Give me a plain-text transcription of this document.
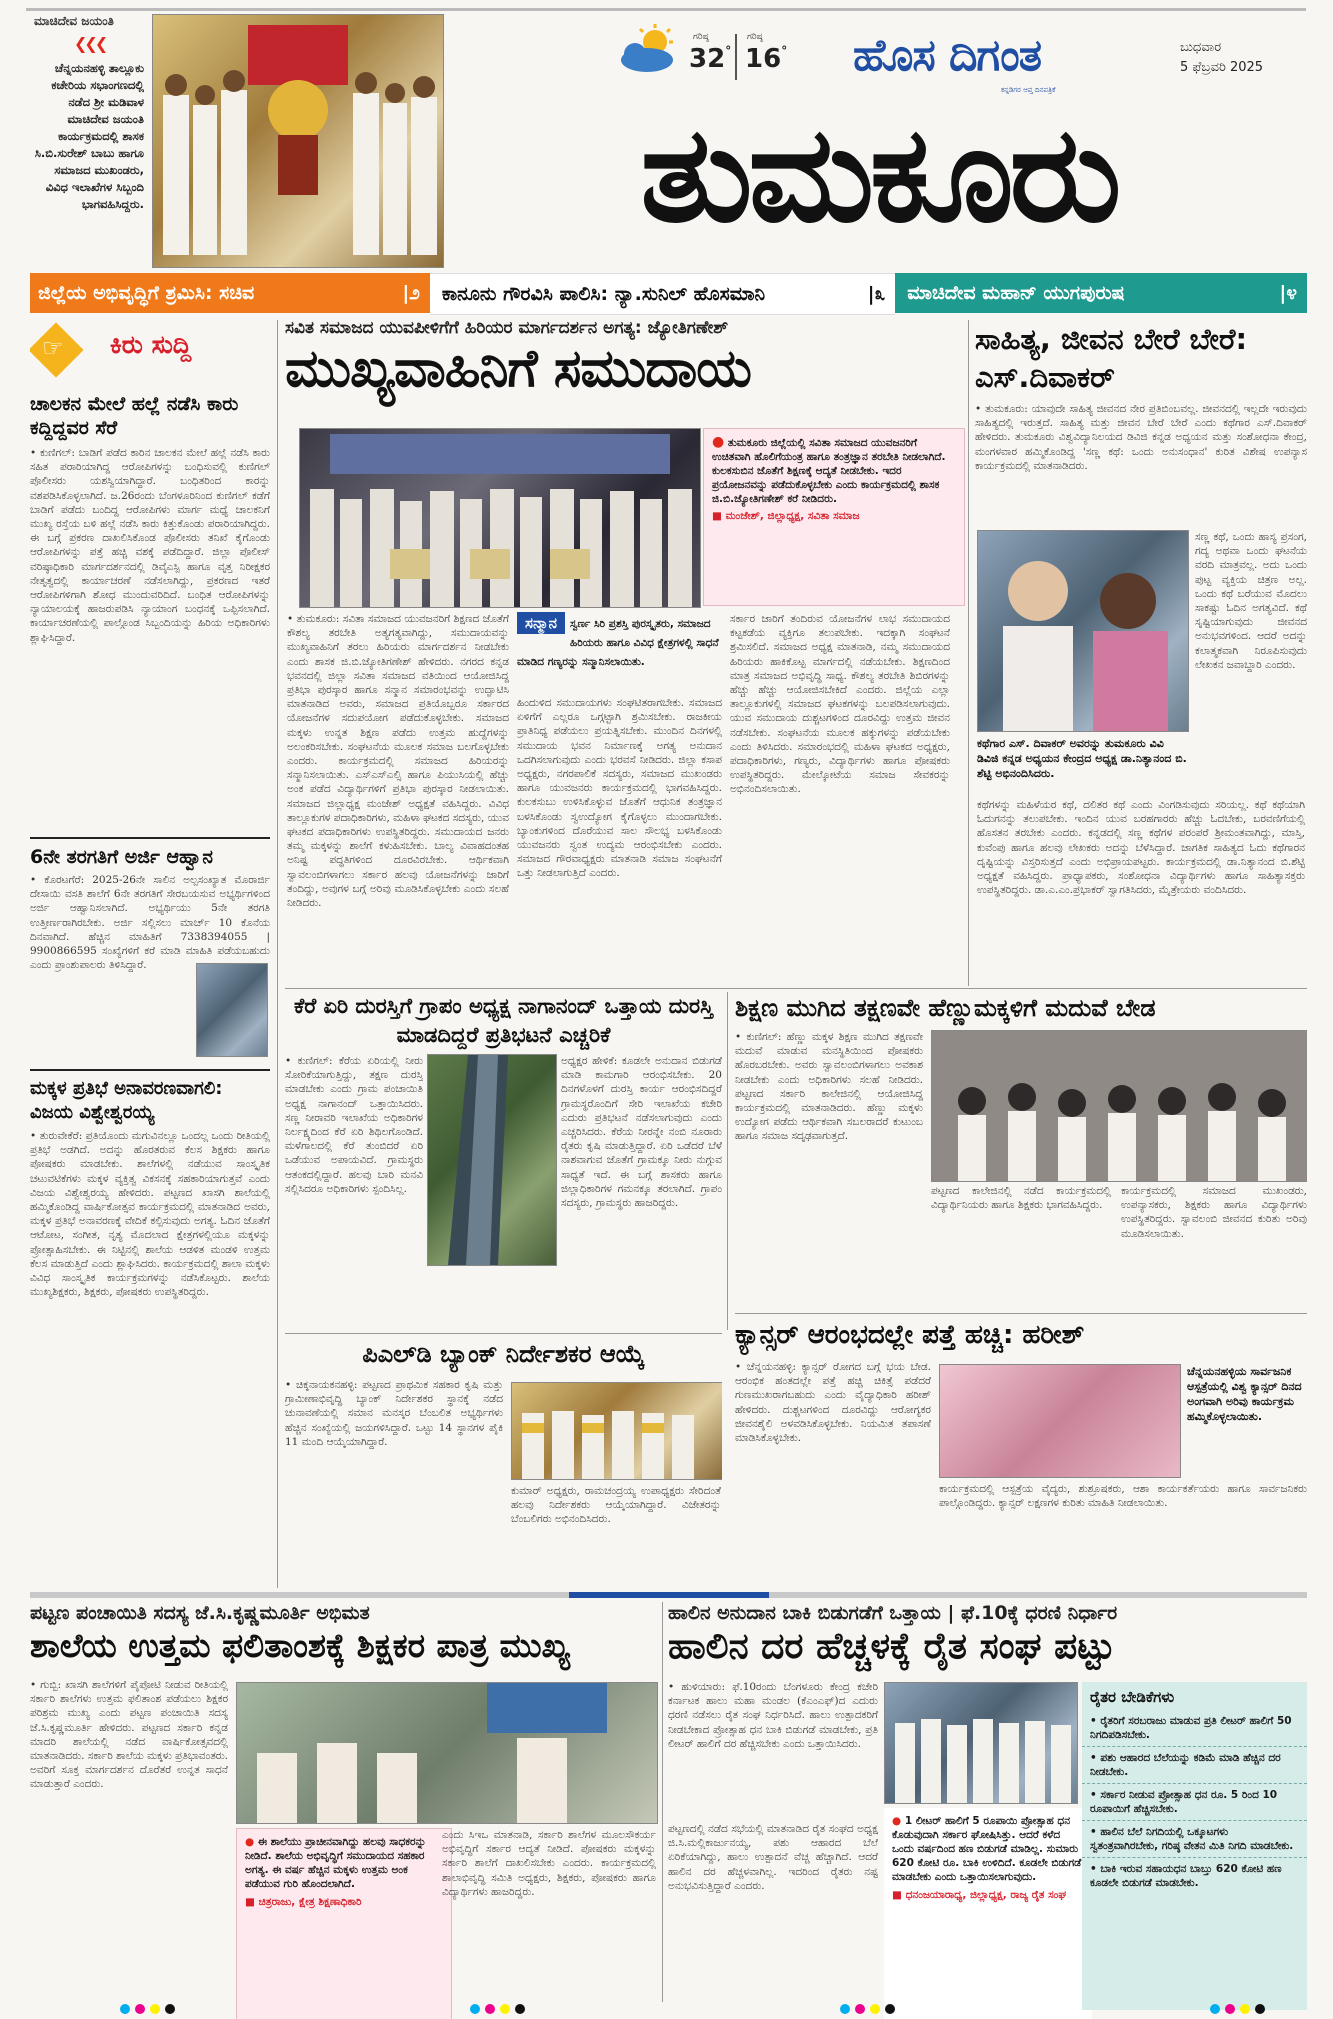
ಮಾಚಿದೇವ ಜಯಂತಿ
❮❮❮
ಚೆನ್ನಯನಹಳ್ಳಿ ತಾಲ್ಲೂಕು ಕಚೇರಿಯ ಸಭಾಂಗಣದಲ್ಲಿ ನಡೆದ ಶ್ರೀ ಮಡಿವಾಳ ಮಾಚಿದೇವ ಜಯಂತಿ ಕಾರ್ಯಕ್ರಮದಲ್ಲಿ ಶಾಸಕ ಸಿ.ಬಿ.ಸುರೇಶ್ ಬಾಬು ಹಾಗೂ ಸಮಾಜದ ಮುಖಂಡರು, ವಿವಿಧ ಇಲಾಖೆಗಳ ಸಿಬ್ಬಂದಿ ಭಾಗವಹಿಸಿದ್ದರು.
ಗರಿಷ್ಠ
32°
ಗರಿಷ್ಠ
16° ಹೊಸ ದಿಗಂತ
ಕನ್ನಡಿಗರ ಆಪ್ತ ದಿನಪತ್ರಿಕೆ
ಬುಧವಾರ
5 ಫೆಬ್ರವರಿ 2025
ತುಮಕೂರು
ಜಿಲ್ಲೆಯ ಅಭಿವೃದ್ಧಿಗೆ ಶ್ರಮಿಸಿ: ಸಚಿವ	|೨ ಕಾನೂನು ಗೌರವಿಸಿ ಪಾಲಿಸಿ: ನ್ಯಾ.ಸುನಿಲ್ ಹೊಸಮಾನಿ	|೩ ಮಾಚಿದೇವ ಮಹಾನ್ ಯುಗಪುರುಷ	|೪
☞ ಕಿರು ಸುದ್ದಿ
ಚಾಲಕನ ಮೇಲೆ ಹಲ್ಲೆ ನಡೆಸಿ ಕಾರು ಕದ್ದಿದ್ದವರ ಸೆರೆ
• ಕುಣಿಗಲ್: ಬಾಡಿಗೆ ಪಡೆದ ಕಾರಿನ ಚಾಲಕನ ಮೇಲೆ ಹಲ್ಲೆ ನಡೆಸಿ ಕಾರು ಸಹಿತ ಪರಾರಿಯಾಗಿದ್ದ ಆರೋಪಿಗಳನ್ನು ಬಂಧಿಸುವಲ್ಲಿ ಕುಣಿಗಲ್ ಪೊಲೀಸರು ಯಶಸ್ವಿಯಾಗಿದ್ದಾರೆ. ಬಂಧಿತರಿಂದ ಕಾರನ್ನು ವಶಪಡಿಸಿಕೊಳ್ಳಲಾಗಿದೆ. ಜ.26ರಂದು ಬೆಂಗಳೂರಿನಿಂದ ಕುಣಿಗಲ್ ಕಡೆಗೆ ಬಾಡಿಗೆ ಪಡೆದು ಬಂದಿದ್ದ ಆರೋಪಿಗಳು ಮಾರ್ಗ ಮಧ್ಯೆ ಚಾಲಕನಿಗೆ ಮುಖ್ಯ ರಸ್ತೆಯ ಬಳಿ ಹಲ್ಲೆ ನಡೆಸಿ ಕಾರು ಕಿತ್ತುಕೊಂಡು ಪರಾರಿಯಾಗಿದ್ದರು. ಈ ಬಗ್ಗೆ ಪ್ರಕರಣ ದಾಖಲಿಸಿಕೊಂಡ ಪೊಲೀಸರು ತನಿಖೆ ಕೈಗೊಂಡು ಆರೋಪಿಗಳನ್ನು ಪತ್ತೆ ಹಚ್ಚಿ ವಶಕ್ಕೆ ಪಡೆದಿದ್ದಾರೆ. ಜಿಲ್ಲಾ ಪೊಲೀಸ್ ವರಿಷ್ಠಾಧಿಕಾರಿ ಮಾರ್ಗದರ್ಶನದಲ್ಲಿ ಡಿವೈಎಸ್ಪಿ ಹಾಗೂ ವೃತ್ತ ನಿರೀಕ್ಷಕರ ನೇತೃತ್ವದಲ್ಲಿ ಕಾರ್ಯಾಚರಣೆ ನಡೆಸಲಾಗಿದ್ದು, ಪ್ರಕರಣದ ಇತರೆ ಆರೋಪಿಗಳಿಗಾಗಿ ಶೋಧ ಮುಂದುವರಿದಿದೆ. ಬಂಧಿತ ಆರೋಪಿಗಳನ್ನು ನ್ಯಾಯಾಲಯಕ್ಕೆ ಹಾಜರುಪಡಿಸಿ ನ್ಯಾಯಾಂಗ ಬಂಧನಕ್ಕೆ ಒಪ್ಪಿಸಲಾಗಿದೆ. ಕಾರ್ಯಾಚರಣೆಯಲ್ಲಿ ಪಾಲ್ಗೊಂಡ ಸಿಬ್ಬಂದಿಯನ್ನು ಹಿರಿಯ ಅಧಿಕಾರಿಗಳು ಶ್ಲಾಘಿಸಿದ್ದಾರೆ.
6ನೇ ತರಗತಿಗೆ ಅರ್ಜಿ ಆಹ್ವಾನ
• ಕೊರಟಗೆರೆ: 2025-26ನೇ ಸಾಲಿನ ಅಲ್ಪಸಂಖ್ಯಾತ ಮೊರಾರ್ಜಿ ದೇಸಾಯಿ ವಸತಿ ಶಾಲೆಗೆ 6ನೇ ತರಗತಿಗೆ ಸೇರಬಯಸುವ ಅಭ್ಯರ್ಥಿಗಳಿಂದ ಅರ್ಜಿ ಆಹ್ವಾನಿಸಲಾಗಿದೆ. ಅಭ್ಯರ್ಥಿಯು 5ನೇ ತರಗತಿ ಉತ್ತೀರ್ಣರಾಗಿರಬೇಕು. ಅರ್ಜಿ ಸಲ್ಲಿಸಲು ಮಾರ್ಚ್ 10 ಕೊನೆಯ ದಿನವಾಗಿದೆ. ಹೆಚ್ಚಿನ ಮಾಹಿತಿಗೆ 7338394055 | 9900866595 ಸಂಖ್ಯೆಗಳಿಗೆ ಕರೆ ಮಾಡಿ ಮಾಹಿತಿ ಪಡೆಯಬಹುದು ಎಂದು ಪ್ರಾಂಶುಪಾಲರು ತಿಳಿಸಿದ್ದಾರೆ.
ಮಕ್ಕಳ ಪ್ರತಿಭೆ ಅನಾವರಣವಾಗಲಿ: ವಿಜಯ ವಿಶ್ವೇಶ್ವರಯ್ಯ
• ತುರುವೇಕೆರೆ: ಪ್ರತಿಯೊಂದು ಮಗುವಿನಲ್ಲೂ ಒಂದಲ್ಲ ಒಂದು ರೀತಿಯಲ್ಲಿ ಪ್ರತಿಭೆ ಅಡಗಿದೆ. ಅದನ್ನು ಹೊರತರುವ ಕೆಲಸ ಶಿಕ್ಷಕರು ಹಾಗೂ ಪೋಷಕರು ಮಾಡಬೇಕು. ಶಾಲೆಗಳಲ್ಲಿ ನಡೆಯುವ ಸಾಂಸ್ಕೃತಿಕ ಚಟುವಟಿಕೆಗಳು ಮಕ್ಕಳ ವ್ಯಕ್ತಿತ್ವ ವಿಕಸನಕ್ಕೆ ಸಹಕಾರಿಯಾಗುತ್ತವೆ ಎಂದು ವಿಜಯ ವಿಶ್ವೇಶ್ವರಯ್ಯ ಹೇಳಿದರು. ಪಟ್ಟಣದ ಖಾಸಗಿ ಶಾಲೆಯಲ್ಲಿ ಹಮ್ಮಿಕೊಂಡಿದ್ದ ವಾರ್ಷಿಕೋತ್ಸವ ಕಾರ್ಯಕ್ರಮದಲ್ಲಿ ಮಾತನಾಡಿದ ಅವರು, ಮಕ್ಕಳ ಪ್ರತಿಭೆ ಅನಾವರಣಕ್ಕೆ ವೇದಿಕೆ ಕಲ್ಪಿಸುವುದು ಅಗತ್ಯ. ಓದಿನ ಜೊತೆಗೆ ಆಟೋಟ, ಸಂಗೀತ, ನೃತ್ಯ ಮೊದಲಾದ ಕ್ಷೇತ್ರಗಳಲ್ಲಿಯೂ ಮಕ್ಕಳನ್ನು ಪ್ರೋತ್ಸಾಹಿಸಬೇಕು. ಈ ನಿಟ್ಟಿನಲ್ಲಿ ಶಾಲೆಯ ಆಡಳಿತ ಮಂಡಳಿ ಉತ್ತಮ ಕೆಲಸ ಮಾಡುತ್ತಿದೆ ಎಂದು ಶ್ಲಾಘಿಸಿದರು. ಕಾರ್ಯಕ್ರಮದಲ್ಲಿ ಶಾಲಾ ಮಕ್ಕಳು ವಿವಿಧ ಸಾಂಸ್ಕೃತಿಕ ಕಾರ್ಯಕ್ರಮಗಳನ್ನು ನಡೆಸಿಕೊಟ್ಟರು. ಶಾಲೆಯ ಮುಖ್ಯಶಿಕ್ಷಕರು, ಶಿಕ್ಷಕರು, ಪೋಷಕರು ಉಪಸ್ಥಿತರಿದ್ದರು.
ಸವಿತ ಸಮಾಜದ ಯುವಪೀಳಿಗೆಗೆ ಹಿರಿಯರ ಮಾರ್ಗದರ್ಶನ ಅಗತ್ಯ: ಜ್ಯೋತಿಗಣೇಶ್
ಮುಖ್ಯವಾಹಿನಿಗೆ ಸಮುದಾಯ
● ತುಮಕೂರು ಜಿಲ್ಲೆಯಲ್ಲಿ ಸವಿತಾ ಸಮಾಜದ ಯುವಜನರಿಗೆ ಉಚಿತವಾಗಿ ಹೊಲಿಗೆಯಂತ್ರ ಹಾಗೂ ತಂತ್ರಜ್ಞಾನ ತರಬೇತಿ ನೀಡಲಾಗಿದೆ. ಕುಲಕಸುಬಿನ ಜೊತೆಗೆ ಶಿಕ್ಷಣಕ್ಕೆ ಆದ್ಯತೆ ನೀಡಬೇಕು. ಇದರ ಪ್ರಯೋಜನವನ್ನು ಪಡೆದುಕೊಳ್ಳಬೇಕು ಎಂದು ಕಾರ್ಯಕ್ರಮದಲ್ಲಿ ಶಾಸಕ ಜಿ.ಬಿ.ಜ್ಯೋತಿಗಣೇಶ್ ಕರೆ ನೀಡಿದರು.
■ ಮಂಜೇಶ್, ಜಿಲ್ಲಾಧ್ಯಕ್ಷ, ಸವಿತಾ ಸಮಾಜ
• ತುಮಕೂರು: ಸವಿತಾ ಸಮಾಜದ ಯುವಜನರಿಗೆ ಶಿಕ್ಷಣದ ಜೊತೆಗೆ ಕೌಶಲ್ಯ ತರಬೇತಿ ಅತ್ಯಗತ್ಯವಾಗಿದ್ದು, ಸಮುದಾಯವನ್ನು ಮುಖ್ಯವಾಹಿನಿಗೆ ತರಲು ಹಿರಿಯರು ಮಾರ್ಗದರ್ಶನ ನೀಡಬೇಕು ಎಂದು ಶಾಸಕ ಜಿ.ಬಿ.ಜ್ಯೋತಿಗಣೇಶ್ ಹೇಳಿದರು. ನಗರದ ಕನ್ನಡ ಭವನದಲ್ಲಿ ಜಿಲ್ಲಾ ಸವಿತಾ ಸಮಾಜದ ವತಿಯಿಂದ ಆಯೋಜಿಸಿದ್ದ ಪ್ರತಿಭಾ ಪುರಸ್ಕಾರ ಹಾಗೂ ಸನ್ಮಾನ ಸಮಾರಂಭವನ್ನು ಉದ್ಘಾಟಿಸಿ ಮಾತನಾಡಿದ ಅವರು, ಸಮಾಜದ ಪ್ರತಿಯೊಬ್ಬರೂ ಸರ್ಕಾರದ ಯೋಜನೆಗಳ ಸದುಪಯೋಗ ಪಡೆದುಕೊಳ್ಳಬೇಕು. ಸಮಾಜದ ಮಕ್ಕಳು ಉನ್ನತ ಶಿಕ್ಷಣ ಪಡೆದು ಉತ್ತಮ ಹುದ್ದೆಗಳನ್ನು ಅಲಂಕರಿಸಬೇಕು. ಸಂಘಟನೆಯ ಮೂಲಕ ಸಮಾಜ ಬಲಗೊಳ್ಳಬೇಕು ಎಂದರು. ಕಾರ್ಯಕ್ರಮದಲ್ಲಿ ಸಮಾಜದ ಹಿರಿಯರನ್ನು ಸನ್ಮಾನಿಸಲಾಯಿತು. ಎಸ್ಎಸ್ಎಲ್ಸಿ ಹಾಗೂ ಪಿಯುಸಿಯಲ್ಲಿ ಹೆಚ್ಚು ಅಂಕ ಪಡೆದ ವಿದ್ಯಾರ್ಥಿಗಳಿಗೆ ಪ್ರತಿಭಾ ಪುರಸ್ಕಾರ ನೀಡಲಾಯಿತು. ಸಮಾಜದ ಜಿಲ್ಲಾಧ್ಯಕ್ಷ ಮಂಜೇಶ್ ಅಧ್ಯಕ್ಷತೆ ವಹಿಸಿದ್ದರು. ವಿವಿಧ ತಾಲ್ಲೂಕುಗಳ ಪದಾಧಿಕಾರಿಗಳು, ಮಹಿಳಾ ಘಟಕದ ಸದಸ್ಯರು, ಯುವ ಘಟಕದ ಪದಾಧಿಕಾರಿಗಳು ಉಪಸ್ಥಿತರಿದ್ದರು. ಸಮುದಾಯದ ಜನರು ತಮ್ಮ ಮಕ್ಕಳನ್ನು ಶಾಲೆಗೆ ಕಳುಹಿಸಬೇಕು. ಬಾಲ್ಯ ವಿವಾಹದಂತಹ ಅನಿಷ್ಟ ಪದ್ಧತಿಗಳಿಂದ ದೂರವಿರಬೇಕು. ಆರ್ಥಿಕವಾಗಿ ಸ್ವಾವಲಂಬಿಗಳಾಗಲು ಸರ್ಕಾರ ಹಲವು ಯೋಜನೆಗಳನ್ನು ಜಾರಿಗೆ ತಂದಿದ್ದು, ಅವುಗಳ ಬಗ್ಗೆ ಅರಿವು ಮೂಡಿಸಿಕೊಳ್ಳಬೇಕು ಎಂದು ಸಲಹೆ ನೀಡಿದರು.
ಸನ್ಮಾನ	ಸ್ವರ್ಣ ಸಿರಿ ಪ್ರಶಸ್ತಿ ಪುರಸ್ಕೃತರು, ಸಮಾಜದ ಹಿರಿಯರು ಹಾಗೂ ವಿವಿಧ ಕ್ಷೇತ್ರಗಳಲ್ಲಿ ಸಾಧನೆ ಮಾಡಿದ ಗಣ್ಯರನ್ನು ಸನ್ಮಾನಿಸಲಾಯಿತು.
ಹಿಂದುಳಿದ ಸಮುದಾಯಗಳು ಸಂಘಟಿತರಾಗಬೇಕು. ಸಮಾಜದ ಏಳಿಗೆಗೆ ಎಲ್ಲರೂ ಒಗ್ಗಟ್ಟಾಗಿ ಶ್ರಮಿಸಬೇಕು. ರಾಜಕೀಯ ಪ್ರಾತಿನಿಧ್ಯ ಪಡೆಯಲು ಪ್ರಯತ್ನಿಸಬೇಕು. ಮುಂದಿನ ದಿನಗಳಲ್ಲಿ ಸಮುದಾಯ ಭವನ ನಿರ್ಮಾಣಕ್ಕೆ ಅಗತ್ಯ ಅನುದಾನ ಒದಗಿಸಲಾಗುವುದು ಎಂದು ಭರವಸೆ ನೀಡಿದರು. ಜಿಲ್ಲಾ ಕಸಾಪ ಅಧ್ಯಕ್ಷರು, ನಗರಪಾಲಿಕೆ ಸದಸ್ಯರು, ಸಮಾಜದ ಮುಖಂಡರು ಹಾಗೂ ಯುವಜನರು ಕಾರ್ಯಕ್ರಮದಲ್ಲಿ ಭಾಗವಹಿಸಿದ್ದರು. ಕುಲಕಸುಬು ಉಳಿಸಿಕೊಳ್ಳುವ ಜೊತೆಗೆ ಆಧುನಿಕ ತಂತ್ರಜ್ಞಾನ ಬಳಸಿಕೊಂಡು ಸ್ವಉದ್ಯೋಗ ಕೈಗೊಳ್ಳಲು ಮುಂದಾಗಬೇಕು. ಬ್ಯಾಂಕುಗಳಿಂದ ದೊರೆಯುವ ಸಾಲ ಸೌಲಭ್ಯ ಬಳಸಿಕೊಂಡು ಯುವಜನರು ಸ್ವಂತ ಉದ್ಯಮ ಆರಂಭಿಸಬೇಕು ಎಂದರು. ಸಮಾಜದ ಗೌರವಾಧ್ಯಕ್ಷರು ಮಾತನಾಡಿ ಸಮಾಜ ಸಂಘಟನೆಗೆ ಒತ್ತು ನೀಡಲಾಗುತ್ತಿದೆ ಎಂದರು.
ಸರ್ಕಾರ ಜಾರಿಗೆ ತಂದಿರುವ ಯೋಜನೆಗಳ ಲಾಭ ಸಮುದಾಯದ ಕಟ್ಟಕಡೆಯ ವ್ಯಕ್ತಿಗೂ ತಲುಪಬೇಕು. ಇದಕ್ಕಾಗಿ ಸಂಘಟನೆ ಶ್ರಮಿಸಲಿದೆ. ಸಮಾಜದ ಅಧ್ಯಕ್ಷ ಮಾತನಾಡಿ, ನಮ್ಮ ಸಮುದಾಯದ ಹಿರಿಯರು ಹಾಕಿಕೊಟ್ಟ ಮಾರ್ಗದಲ್ಲಿ ನಡೆಯಬೇಕು. ಶಿಕ್ಷಣದಿಂದ ಮಾತ್ರ ಸಮಾಜದ ಅಭಿವೃದ್ಧಿ ಸಾಧ್ಯ. ಕೌಶಲ್ಯ ತರಬೇತಿ ಶಿಬಿರಗಳನ್ನು ಹೆಚ್ಚು ಹೆಚ್ಚು ಆಯೋಜಿಸಬೇಕಿದೆ ಎಂದರು. ಜಿಲ್ಲೆಯ ಎಲ್ಲಾ ತಾಲ್ಲೂಕುಗಳಲ್ಲಿ ಸಮಾಜದ ಘಟಕಗಳನ್ನು ಬಲಪಡಿಸಲಾಗುವುದು. ಯುವ ಸಮುದಾಯ ದುಶ್ಚಟಗಳಿಂದ ದೂರವಿದ್ದು ಉತ್ತಮ ಜೀವನ ನಡೆಸಬೇಕು. ಸಂಘಟನೆಯ ಮೂಲಕ ಹಕ್ಕುಗಳನ್ನು ಪಡೆಯಬೇಕು ಎಂದು ತಿಳಿಸಿದರು. ಸಮಾರಂಭದಲ್ಲಿ ಮಹಿಳಾ ಘಟಕದ ಅಧ್ಯಕ್ಷರು, ಪದಾಧಿಕಾರಿಗಳು, ಗಣ್ಯರು, ವಿದ್ಯಾರ್ಥಿಗಳು ಹಾಗೂ ಪೋಷಕರು ಉಪಸ್ಥಿತರಿದ್ದರು. ಮೇಲ್ಕೋಟೆಯ ಸಮಾಜ ಸೇವಕರನ್ನು ಅಭಿನಂದಿಸಲಾಯಿತು.
ಸಾಹಿತ್ಯ, ಜೀವನ ಬೇರೆ ಬೇರೆ: ಎಸ್.ದಿವಾಕರ್
• ತುಮಕೂರು: ಯಾವುದೇ ಸಾಹಿತ್ಯ ಜೀವನದ ನೇರ ಪ್ರತಿಬಿಂಬವಲ್ಲ. ಜೀವನದಲ್ಲಿ ಇಲ್ಲದೇ ಇರುವುದು ಸಾಹಿತ್ಯದಲ್ಲಿ ಇರುತ್ತದೆ. ಸಾಹಿತ್ಯ ಮತ್ತು ಜೀವನ ಬೇರೆ ಬೇರೆ ಎಂದು ಕಥೆಗಾರ ಎಸ್.ದಿವಾಕರ್ ಹೇಳಿದರು. ತುಮಕೂರು ವಿಶ್ವವಿದ್ಯಾನಿಲಯದ ಡಿವಿಜಿ ಕನ್ನಡ ಅಧ್ಯಯನ ಮತ್ತು ಸಂಶೋಧನಾ ಕೇಂದ್ರ, ಮಂಗಳವಾರ ಹಮ್ಮಿಕೊಂಡಿದ್ದ 'ಸಣ್ಣ ಕಥೆ: ಒಂದು ಅನುಸಂಧಾನ' ಕುರಿತ ವಿಶೇಷ ಉಪನ್ಯಾಸ ಕಾರ್ಯಕ್ರಮದಲ್ಲಿ ಮಾತನಾಡಿದರು.
ಸಣ್ಣ ಕಥೆ, ಒಂದು ಹಾಸ್ಯ ಪ್ರಸಂಗ, ಗದ್ಯ ಅಥವಾ ಒಂದು ಘಟನೆಯ ವರದಿ ಮಾತ್ರವಲ್ಲ. ಅದು ಒಂದು ಪುಟ್ಟ ವ್ಯಕ್ತಿಯ ಚಿತ್ರಣ ಅಲ್ಲ. ಒಂದು ಕಥೆ ಬರೆಯುವ ಮೊದಲು ಸಾಕಷ್ಟು ಓದಿನ ಅಗತ್ಯವಿದೆ. ಕಥೆ ಸೃಷ್ಟಿಯಾಗುವುದು ಜೀವನದ ಅನುಭವಗಳಿಂದ. ಆದರೆ ಅದನ್ನು ಕಲಾತ್ಮಕವಾಗಿ ನಿರೂಪಿಸುವುದು ಲೇಖಕನ ಜವಾಬ್ದಾರಿ ಎಂದರು.
ಕಥೆಗಾರ ಎಸ್. ದಿವಾಕರ್ ಅವರನ್ನು ತುಮಕೂರು ವಿವಿ ಡಿವಿಜಿ ಕನ್ನಡ ಅಧ್ಯಯನ ಕೇಂದ್ರದ ಅಧ್ಯಕ್ಷ ಡಾ.ನಿತ್ಯಾನಂದ ಬಿ. ಶೆಟ್ಟಿ ಅಭಿನಂದಿಸಿದರು.
ಕಥೆಗಳನ್ನು ಮಹಿಳೆಯರ ಕಥೆ, ದಲಿತರ ಕಥೆ ಎಂದು ವಿಂಗಡಿಸುವುದು ಸರಿಯಲ್ಲ. ಕಥೆ ಕಥೆಯಾಗಿ ಓದುಗನನ್ನು ತಲುಪಬೇಕು. ಇಂದಿನ ಯುವ ಬರಹಗಾರರು ಹೆಚ್ಚು ಓದಬೇಕು, ಬರವಣಿಗೆಯಲ್ಲಿ ಹೊಸತನ ತರಬೇಕು ಎಂದರು. ಕನ್ನಡದಲ್ಲಿ ಸಣ್ಣ ಕಥೆಗಳ ಪರಂಪರೆ ಶ್ರೀಮಂತವಾಗಿದ್ದು, ಮಾಸ್ತಿ, ಕುವೆಂಪು ಹಾಗೂ ಹಲವು ಲೇಖಕರು ಅದನ್ನು ಬೆಳೆಸಿದ್ದಾರೆ. ಜಾಗತಿಕ ಸಾಹಿತ್ಯದ ಓದು ಕಥೆಗಾರನ ದೃಷ್ಟಿಯನ್ನು ವಿಸ್ತರಿಸುತ್ತದೆ ಎಂದು ಅಭಿಪ್ರಾಯಪಟ್ಟರು. ಕಾರ್ಯಕ್ರಮದಲ್ಲಿ ಡಾ.ನಿತ್ಯಾನಂದ ಬಿ.ಶೆಟ್ಟಿ ಅಧ್ಯಕ್ಷತೆ ವಹಿಸಿದ್ದರು. ಪ್ರಾಧ್ಯಾಪಕರು, ಸಂಶೋಧನಾ ವಿದ್ಯಾರ್ಥಿಗಳು ಹಾಗೂ ಸಾಹಿತ್ಯಾಸಕ್ತರು ಉಪಸ್ಥಿತರಿದ್ದರು. ಡಾ.ಎ.ಎಂ.ಪ್ರಭಾಕರ್ ಸ್ವಾಗತಿಸಿದರು, ಮೈತ್ರೇಯರು ವಂದಿಸಿದರು.
ಕೆರೆ ಏರಿ ದುರಸ್ತಿಗೆ ಗ್ರಾಪಂ ಅಧ್ಯಕ್ಷ ನಾಗಾನಂದ್ ಒತ್ತಾಯ ದುರಸ್ತಿ ಮಾಡದಿದ್ದರೆ ಪ್ರತಿಭಟನೆ ಎಚ್ಚರಿಕೆ
• ಕುಣಿಗಲ್: ಕೆರೆಯ ಏರಿಯಲ್ಲಿ ನೀರು ಸೋರಿಕೆಯಾಗುತ್ತಿದ್ದು, ತಕ್ಷಣ ದುರಸ್ತಿ ಮಾಡಬೇಕು ಎಂದು ಗ್ರಾಮ ಪಂಚಾಯಿತಿ ಅಧ್ಯಕ್ಷ ನಾಗಾನಂದ್ ಒತ್ತಾಯಿಸಿದರು. ಸಣ್ಣ ನೀರಾವರಿ ಇಲಾಖೆಯ ಅಧಿಕಾರಿಗಳ ನಿರ್ಲಕ್ಷ್ಯದಿಂದ ಕೆರೆ ಏರಿ ಶಿಥಿಲಗೊಂಡಿದೆ. ಮಳೆಗಾಲದಲ್ಲಿ ಕೆರೆ ತುಂಬಿದರೆ ಏರಿ ಒಡೆಯುವ ಅಪಾಯವಿದೆ. ಗ್ರಾಮಸ್ಥರು ಆತಂಕದಲ್ಲಿದ್ದಾರೆ. ಹಲವು ಬಾರಿ ಮನವಿ ಸಲ್ಲಿಸಿದರೂ ಅಧಿಕಾರಿಗಳು ಸ್ಪಂದಿಸಿಲ್ಲ.
ಅಧ್ಯಕ್ಷರ ಹೇಳಿಕೆ: ಕೂಡಲೇ ಅನುದಾನ ಬಿಡುಗಡೆ ಮಾಡಿ ಕಾಮಗಾರಿ ಆರಂಭಿಸಬೇಕು. 20 ದಿನಗಳೊಳಗೆ ದುರಸ್ತಿ ಕಾರ್ಯ ಆರಂಭಿಸದಿದ್ದರೆ ಗ್ರಾಮಸ್ಥರೊಂದಿಗೆ ಸೇರಿ ಇಲಾಖೆಯ ಕಚೇರಿ ಎದುರು ಪ್ರತಿಭಟನೆ ನಡೆಸಲಾಗುವುದು ಎಂದು ಎಚ್ಚರಿಸಿದರು. ಕೆರೆಯ ನೀರನ್ನೇ ನಂಬಿ ನೂರಾರು ರೈತರು ಕೃಷಿ ಮಾಡುತ್ತಿದ್ದಾರೆ. ಏರಿ ಒಡೆದರೆ ಬೆಳೆ ನಾಶವಾಗುವ ಜೊತೆಗೆ ಗ್ರಾಮಕ್ಕೂ ನೀರು ನುಗ್ಗುವ ಸಾಧ್ಯತೆ ಇದೆ. ಈ ಬಗ್ಗೆ ಶಾಸಕರು ಹಾಗೂ ಜಿಲ್ಲಾಧಿಕಾರಿಗಳ ಗಮನಕ್ಕೂ ತರಲಾಗಿದೆ. ಗ್ರಾಪಂ ಸದಸ್ಯರು, ಗ್ರಾಮಸ್ಥರು ಹಾಜರಿದ್ದರು.
ಶಿಕ್ಷಣ ಮುಗಿದ ತಕ್ಷಣವೇ ಹೆಣ್ಣುಮಕ್ಕಳಿಗೆ ಮದುವೆ ಬೇಡ
• ಕುಣಿಗಲ್: ಹೆಣ್ಣು ಮಕ್ಕಳ ಶಿಕ್ಷಣ ಮುಗಿದ ತಕ್ಷಣವೇ ಮದುವೆ ಮಾಡುವ ಮನಸ್ಥಿತಿಯಿಂದ ಪೋಷಕರು ಹೊರಬರಬೇಕು. ಅವರು ಸ್ವಾವಲಂಬಿಗಳಾಗಲು ಅವಕಾಶ ನೀಡಬೇಕು ಎಂದು ಅಧಿಕಾರಿಗಳು ಸಲಹೆ ನೀಡಿದರು. ಪಟ್ಟಣದ ಸರ್ಕಾರಿ ಕಾಲೇಜಿನಲ್ಲಿ ಆಯೋಜಿಸಿದ್ದ ಕಾರ್ಯಕ್ರಮದಲ್ಲಿ ಮಾತನಾಡಿದರು. ಹೆಣ್ಣು ಮಕ್ಕಳು ಉದ್ಯೋಗ ಪಡೆದು ಆರ್ಥಿಕವಾಗಿ ಸಬಲರಾದರೆ ಕುಟುಂಬ ಹಾಗೂ ಸಮಾಜ ಸದೃಢವಾಗುತ್ತದೆ.
ಪಟ್ಟಣದ ಕಾಲೇಜಿನಲ್ಲಿ ನಡೆದ ಕಾರ್ಯಕ್ರಮದಲ್ಲಿ ವಿದ್ಯಾರ್ಥಿನಿಯರು ಹಾಗೂ ಶಿಕ್ಷಕರು ಭಾಗವಹಿಸಿದ್ದರು.
ಕಾರ್ಯಕ್ರಮದಲ್ಲಿ ಸಮಾಜದ ಮುಖಂಡರು, ಉಪನ್ಯಾಸಕರು, ಶಿಕ್ಷಕರು ಹಾಗೂ ವಿದ್ಯಾರ್ಥಿಗಳು ಉಪಸ್ಥಿತರಿದ್ದರು. ಸ್ವಾವಲಂಬಿ ಜೀವನದ ಕುರಿತು ಅರಿವು ಮೂಡಿಸಲಾಯಿತು.
ಪಿಎಲ್‌ಡಿ ಬ್ಯಾಂಕ್ ನಿರ್ದೇಶಕರ ಆಯ್ಕೆ
• ಚಿಕ್ಕನಾಯಕನಹಳ್ಳಿ: ಪಟ್ಟಣದ ಪ್ರಾಥಮಿಕ ಸಹಕಾರ ಕೃಷಿ ಮತ್ತು ಗ್ರಾಮೀಣಾಭಿವೃದ್ಧಿ ಬ್ಯಾಂಕ್ ನಿರ್ದೇಶಕರ ಸ್ಥಾನಕ್ಕೆ ನಡೆದ ಚುನಾವಣೆಯಲ್ಲಿ ಸಮಾನ ಮನಸ್ಕರ ಬೆಂಬಲಿತ ಅಭ್ಯರ್ಥಿಗಳು ಹೆಚ್ಚಿನ ಸಂಖ್ಯೆಯಲ್ಲಿ ಜಯಗಳಿಸಿದ್ದಾರೆ. ಒಟ್ಟು 14 ಸ್ಥಾನಗಳ ಪೈಕಿ 11 ಮಂದಿ ಆಯ್ಕೆಯಾಗಿದ್ದಾರೆ.
ಕುಮಾರ್ ಅಧ್ಯಕ್ಷರು, ರಾಮಚಂದ್ರಯ್ಯ ಉಪಾಧ್ಯಕ್ಷರು ಸೇರಿದಂತೆ ಹಲವು ನಿರ್ದೇಶಕರು ಆಯ್ಕೆಯಾಗಿದ್ದಾರೆ. ವಿಜೇತರನ್ನು ಬೆಂಬಲಿಗರು ಅಭಿನಂದಿಸಿದರು.
ಕ್ಯಾನ್ಸರ್ ಆರಂಭದಲ್ಲೇ ಪತ್ತೆ ಹಚ್ಚಿ: ಹರೀಶ್
• ಚೆನ್ನಯನಹಳ್ಳಿ: ಕ್ಯಾನ್ಸರ್ ರೋಗದ ಬಗ್ಗೆ ಭಯ ಬೇಡ. ಆರಂಭಿಕ ಹಂತದಲ್ಲೇ ಪತ್ತೆ ಹಚ್ಚಿ ಚಿಕಿತ್ಸೆ ಪಡೆದರೆ ಗುಣಮುಖರಾಗಬಹುದು ಎಂದು ವೈದ್ಯಾಧಿಕಾರಿ ಹರೀಶ್ ಹೇಳಿದರು. ದುಶ್ಚಟಗಳಿಂದ ದೂರವಿದ್ದು ಆರೋಗ್ಯಕರ ಜೀವನಶೈಲಿ ಅಳವಡಿಸಿಕೊಳ್ಳಬೇಕು. ನಿಯಮಿತ ತಪಾಸಣೆ ಮಾಡಿಸಿಕೊಳ್ಳಬೇಕು.
ಚೆನ್ನಯನಹಳ್ಳಿಯ ಸಾರ್ವಜನಿಕ ಆಸ್ಪತ್ರೆಯಲ್ಲಿ ವಿಶ್ವ ಕ್ಯಾನ್ಸರ್ ದಿನದ ಅಂಗವಾಗಿ ಅರಿವು ಕಾರ್ಯಕ್ರಮ ಹಮ್ಮಿಕೊಳ್ಳಲಾಯಿತು.
ಕಾರ್ಯಕ್ರಮದಲ್ಲಿ ಆಸ್ಪತ್ರೆಯ ವೈದ್ಯರು, ಶುಶ್ರೂಷಕರು, ಆಶಾ ಕಾರ್ಯಕರ್ತೆಯರು ಹಾಗೂ ಸಾರ್ವಜನಿಕರು ಪಾಲ್ಗೊಂಡಿದ್ದರು. ಕ್ಯಾನ್ಸರ್ ಲಕ್ಷಣಗಳ ಕುರಿತು ಮಾಹಿತಿ ನೀಡಲಾಯಿತು.
ಪಟ್ಟಣ ಪಂಚಾಯಿತಿ ಸದಸ್ಯ ಜೆ.ಸಿ.ಕೃಷ್ಣಮೂರ್ತಿ ಅಭಿಮತ
ಶಾಲೆಯ ಉತ್ತಮ ಫಲಿತಾಂಶಕ್ಕೆ ಶಿಕ್ಷಕರ ಪಾತ್ರ ಮುಖ್ಯ
• ಗುಬ್ಬಿ: ಖಾಸಗಿ ಶಾಲೆಗಳಿಗೆ ಪೈಪೋಟಿ ನೀಡುವ ರೀತಿಯಲ್ಲಿ ಸರ್ಕಾರಿ ಶಾಲೆಗಳು ಉತ್ತಮ ಫಲಿತಾಂಶ ಪಡೆಯಲು ಶಿಕ್ಷಕರ ಪರಿಶ್ರಮ ಮುಖ್ಯ ಎಂದು ಪಟ್ಟಣ ಪಂಚಾಯಿತಿ ಸದಸ್ಯ ಜೆ.ಸಿ.ಕೃಷ್ಣಮೂರ್ತಿ ಹೇಳಿದರು. ಪಟ್ಟಣದ ಸರ್ಕಾರಿ ಕನ್ನಡ ಮಾದರಿ ಶಾಲೆಯಲ್ಲಿ ನಡೆದ ವಾರ್ಷಿಕೋತ್ಸವದಲ್ಲಿ ಮಾತನಾಡಿದರು. ಸರ್ಕಾರಿ ಶಾಲೆಯ ಮಕ್ಕಳು ಪ್ರತಿಭಾವಂತರು. ಅವರಿಗೆ ಸೂಕ್ತ ಮಾರ್ಗದರ್ಶನ ದೊರೆತರೆ ಉನ್ನತ ಸಾಧನೆ ಮಾಡುತ್ತಾರೆ ಎಂದರು.
● ಈ ಶಾಲೆಯು ಪ್ರಾಚೀನವಾಗಿದ್ದು ಹಲವು ಸಾಧಕರನ್ನು ನೀಡಿದೆ. ಶಾಲೆಯ ಅಭಿವೃದ್ಧಿಗೆ ಸಮುದಾಯದ ಸಹಕಾರ ಅಗತ್ಯ. ಈ ವರ್ಷ ಹೆಚ್ಚಿನ ಮಕ್ಕಳು ಉತ್ತಮ ಅಂಕ ಪಡೆಯುವ ಗುರಿ ಹೊಂದಲಾಗಿದೆ.
■ ಚಿತ್ರರಾಜು, ಕ್ಷೇತ್ರ ಶಿಕ್ಷಣಾಧಿಕಾರಿ
ಎಂದು ಸಿಇಒ ಮಾತನಾಡಿ, ಸರ್ಕಾರಿ ಶಾಲೆಗಳ ಮೂಲಸೌಕರ್ಯ ಅಭಿವೃದ್ಧಿಗೆ ಸರ್ಕಾರ ಆದ್ಯತೆ ನೀಡಿದೆ. ಪೋಷಕರು ಮಕ್ಕಳನ್ನು ಸರ್ಕಾರಿ ಶಾಲೆಗೆ ದಾಖಲಿಸಬೇಕು ಎಂದರು. ಕಾರ್ಯಕ್ರಮದಲ್ಲಿ ಶಾಲಾಭಿವೃದ್ಧಿ ಸಮಿತಿ ಅಧ್ಯಕ್ಷರು, ಶಿಕ್ಷಕರು, ಪೋಷಕರು ಹಾಗೂ ವಿದ್ಯಾರ್ಥಿಗಳು ಹಾಜರಿದ್ದರು.
ಹಾಲಿನ ಅನುದಾನ ಬಾಕಿ ಬಿಡುಗಡೆಗೆ ಒತ್ತಾಯ | ಫೆ.10ಕ್ಕೆ ಧರಣಿ ನಿರ್ಧಾರ
ಹಾಲಿನ ದರ ಹೆಚ್ಚಳಕ್ಕೆ ರೈತ ಸಂಘ ಪಟ್ಟು
• ಹುಳಿಯಾರು: ಫೆ.10ರಂದು ಬೆಂಗಳೂರು ಕೇಂದ್ರ ಕಚೇರಿ ಕರ್ನಾಟಕ ಹಾಲು ಮಹಾ ಮಂಡಲ (ಕೆಎಂಎಫ್)ದ ಎದುರು ಧರಣಿ ನಡೆಸಲು ರೈತ ಸಂಘ ನಿರ್ಧರಿಸಿದೆ. ಹಾಲು ಉತ್ಪಾದಕರಿಗೆ ನೀಡಬೇಕಾದ ಪ್ರೋತ್ಸಾಹ ಧನ ಬಾಕಿ ಬಿಡುಗಡೆ ಮಾಡಬೇಕು, ಪ್ರತಿ ಲೀಟರ್ ಹಾಲಿಗೆ ದರ ಹೆಚ್ಚಿಸಬೇಕು ಎಂದು ಒತ್ತಾಯಿಸಿದರು.
ಪಟ್ಟಣದಲ್ಲಿ ನಡೆದ ಸಭೆಯಲ್ಲಿ ಮಾತನಾಡಿದ ರೈತ ಸಂಘದ ಅಧ್ಯಕ್ಷ ಜಿ.ಸಿ.ಮಲ್ಲಿಕಾರ್ಜುನಯ್ಯ, ಪಶು ಆಹಾರದ ಬೆಲೆ ಏರಿಕೆಯಾಗಿದ್ದು, ಹಾಲು ಉತ್ಪಾದನೆ ವೆಚ್ಚ ಹೆಚ್ಚಾಗಿದೆ. ಆದರೆ ಹಾಲಿನ ದರ ಹೆಚ್ಚಳವಾಗಿಲ್ಲ. ಇದರಿಂದ ರೈತರು ನಷ್ಟ ಅನುಭವಿಸುತ್ತಿದ್ದಾರೆ ಎಂದರು.
● 1 ಲೀಟರ್ ಹಾಲಿಗೆ 5 ರೂಪಾಯಿ ಪ್ರೋತ್ಸಾಹ ಧನ ಕೊಡುವುದಾಗಿ ಸರ್ಕಾರ ಘೋಷಿಸಿತ್ತು. ಆದರೆ ಕಳೆದ ಒಂದು ವರ್ಷದಿಂದ ಹಣ ಬಿಡುಗಡೆ ಮಾಡಿಲ್ಲ. ಸುಮಾರು 620 ಕೋಟಿ ರೂ. ಬಾಕಿ ಉಳಿದಿದೆ. ಕೂಡಲೇ ಬಿಡುಗಡೆ ಮಾಡಬೇಕು ಎಂದು ಒತ್ತಾಯಿಸಲಾಗುವುದು.
■ ಧನಂಜಯಾರಾಧ್ಯ, ಜಿಲ್ಲಾಧ್ಯಕ್ಷ, ರಾಜ್ಯ ರೈತ ಸಂಘ
ರೈತರ ಬೇಡಿಕೆಗಳು
• ರೈತರಿಗೆ ಸರಬರಾಜು ಮಾಡುವ ಪ್ರತಿ ಲೀಟರ್ ಹಾಲಿಗೆ 50 ನಿಗದಿಪಡಿಸಬೇಕು.
• ಪಶು ಆಹಾರದ ಬೆಲೆಯನ್ನು ಕಡಿಮೆ ಮಾಡಿ ಹೆಚ್ಚಿನ ದರ ನೀಡಬೇಕು.
• ಸರ್ಕಾರ ನೀಡುವ ಪ್ರೋತ್ಸಾಹ ಧನ ರೂ. 5 ರಿಂದ 10 ರೂಪಾಯಿಗೆ ಹೆಚ್ಚಿಸಬೇಕು.
• ಹಾಲಿನ ಬೆಲೆ ನಿಗದಿಯಲ್ಲಿ ಒಕ್ಕೂಟಗಳು ಸ್ವತಂತ್ರವಾಗಿರಬೇಕು, ಗರಿಷ್ಠ ವೇತನ ಮಿತಿ ನಿಗದಿ ಮಾಡಬೇಕು.
• ಬಾಕಿ ಇರುವ ಸಹಾಯಧನ ಬಾಬ್ತು 620 ಕೋಟಿ ಹಣ ಕೂಡಲೇ ಬಿಡುಗಡೆ ಮಾಡಬೇಕು.
